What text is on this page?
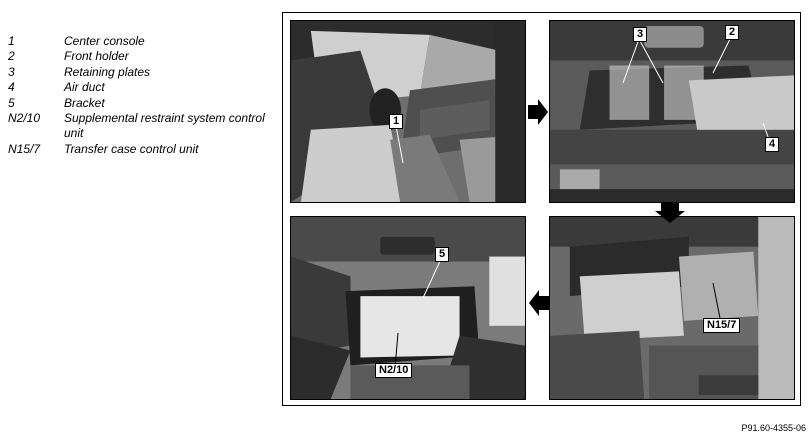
1	Center console
2	Front holder
3	Retaining plates
4	Air duct
5	Bracket
N2/10	Supplemental restraint system control unit
N15/7	Transfer case control unit
1
2
3
4
5
N2/10
N15/7
P91.60-4355-06
